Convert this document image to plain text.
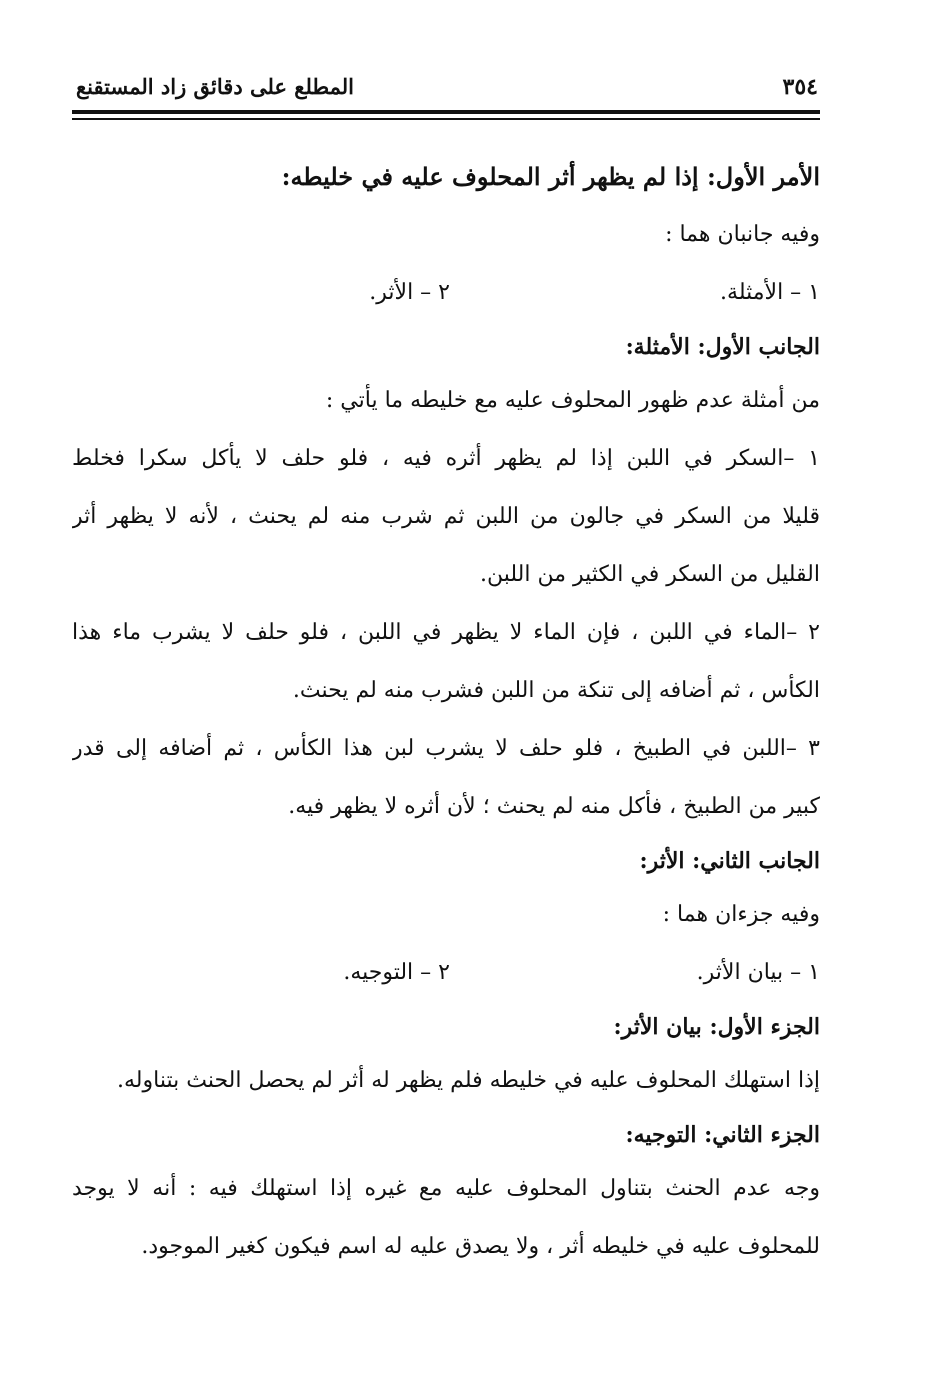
٣٥٤
المطلع على دقائق زاد المستقنع
الأمر الأول: إذا لم يظهر أثر المحلوف عليه في خليطه:
وفيه جانبان هما :
١ – الأمثلة.
٢ – الأثر.
الجانب الأول: الأمثلة:
من أمثلة عدم ظهور المحلوف عليه مع خليطه ما يأتي :
١ –السكر في اللبن إذا لم يظهر أثره فيه ، فلو حلف لا يأكل سكرا فخلط
قليلا من السكر في جالون من اللبن ثم شرب منه لم يحنث ، لأنه لا يظهر أثر
القليل من السكر في الكثير من اللبن.
٢ –الماء في اللبن ، فإن الماء لا يظهر في اللبن ، فلو حلف لا يشرب ماء هذا
الكأس ، ثم أضافه إلى تنكة من اللبن فشرب منه لم يحنث.
٣ –اللبن في الطبيخ ، فلو حلف لا يشرب لبن هذا الكأس ، ثم أضافه إلى قدر
كبير من الطبيخ ، فأكل منه لم يحنث ؛ لأن أثره لا يظهر فيه.
الجانب الثاني: الأثر:
وفيه جزءان هما :
١ – بيان الأثر.
٢ – التوجيه.
الجزء الأول: بيان الأثر:
إذا استهلك المحلوف عليه في خليطه فلم يظهر له أثر لم يحصل الحنث بتناوله.
الجزء الثاني: التوجيه:
وجه عدم الحنث بتناول المحلوف عليه مع غيره إذا استهلك فيه : أنه لا يوجد
للمحلوف عليه في خليطه أثر ، ولا يصدق عليه له اسم فيكون كغير الموجود.
